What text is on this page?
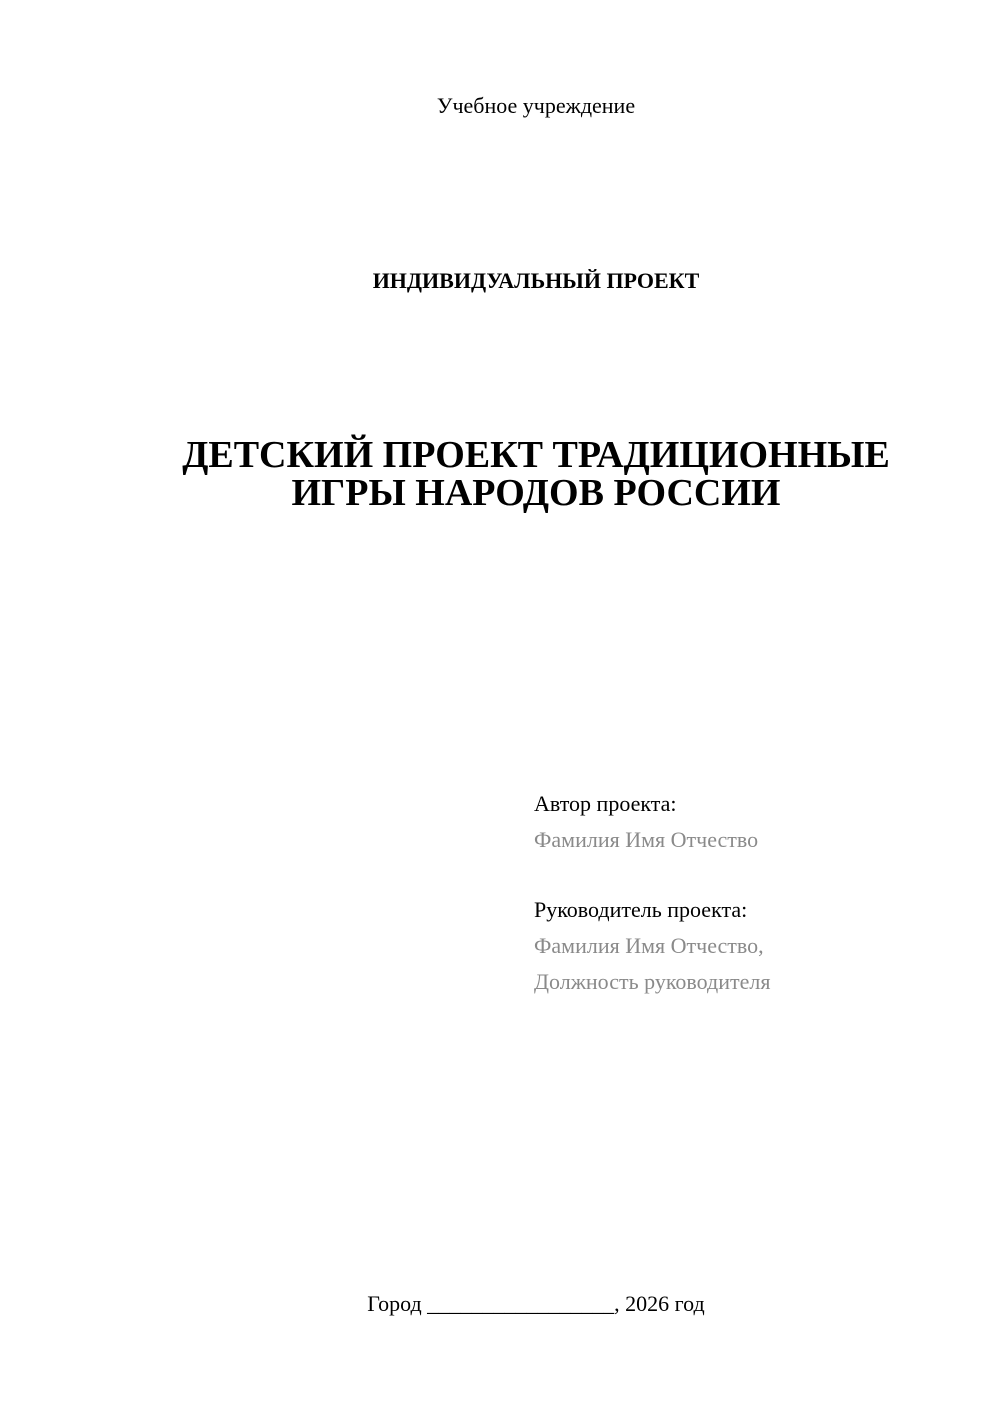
Учебное учреждение
ИНДИВИДУАЛЬНЫЙ ПРОЕКТ
ДЕТСКИЙ ПРОЕКТ ТРАДИЦИОННЫЕ
ИГРЫ НАРОДОВ РОССИИ
Автор проекта:
Фамилия Имя Отчество
Руководитель проекта:
Фамилия Имя Отчество,
Должность руководителя
Город _________________, 2026 год
